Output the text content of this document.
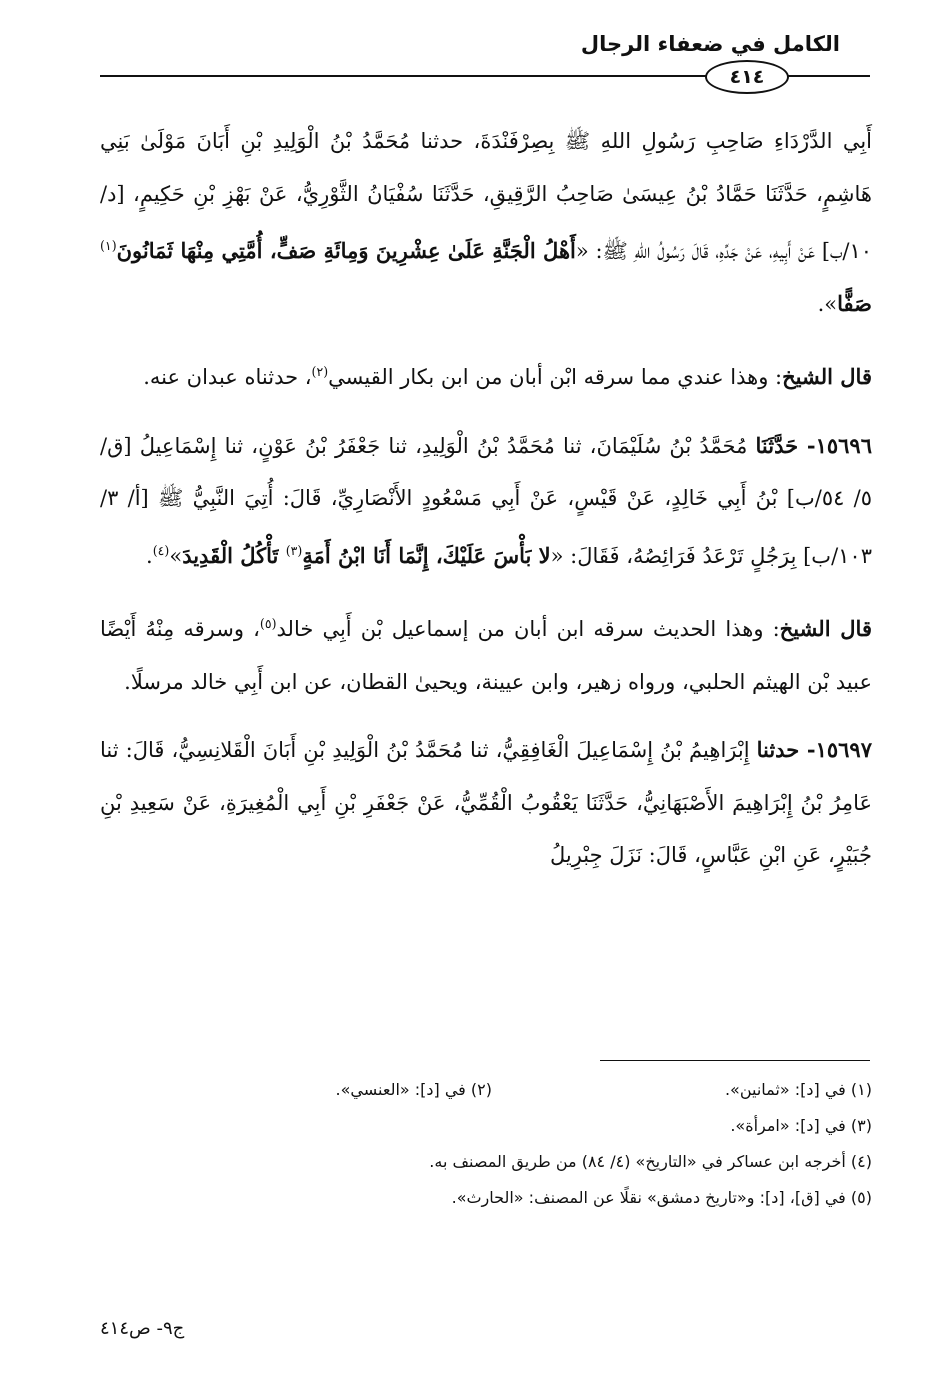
الكامل في ضعفاء الرجال
٤١٤

أَبِي الدَّرْدَاءِ صَاحِبِ رَسُولِ اللهِ ﷺ بِصِرْفَنْدَةَ، حدثنا مُحَمَّدُ بْنُ الْوَلِيدِ بْنِ أَبَانَ مَوْلَىٰ بَنِي هَاشِمٍ، حَدَّثَنَا حَمَّادُ بْنُ عِيسَىٰ صَاحِبُ الرَّقِيقِ، حَدَّثَنَا سُفْيَانُ الثَّوْرِيُّ، عَنْ بَهْزِ بْنِ حَكِيمٍ، [د/ ١٠/ب] عَنْ أَبِيهِ، عَنْ جَدِّهِ، قَالَ رَسُولُ اللهِ ﷺ: «أَهْلُ الْجَنَّةِ عَلَىٰ عِشْرِينَ وَمِائَةِ صَفٍّ، أُمَّتِي مِنْهَا ثَمَانُونَ$^{(١)}$ صَفًّا».

قال الشيخ: وهذا عندي مما سرقه ابْن أبان من ابن بكار القيسي$^{(٢)}$، حدثناه عبدان عنه.

١٥٦٩٦- حَدَّثَنَا مُحَمَّدُ بْنُ سُلَيْمَانَ، ثنا مُحَمَّدُ بْنُ الْوَلِيدِ، ثنا جَعْفَرُ بْنُ عَوْنٍ، ثنا إِسْمَاعِيلُ [ق/ ٥/ ٥٤/ب] بْنُ أَبِي خَالِدٍ، عَنْ قَيْسٍ، عَنْ أَبِي مَسْعُودٍ الأَنْصَارِيِّ، قَالَ: أُتِيَ النَّبِيُّ ﷺ [أ/ ٣/ ١٠٣/ب] بِرَجُلٍ تَرْعَدُ فَرَائِصُهُ، فَقَالَ: «لا بَأْسَ عَلَيْكَ، إِنَّمَا أَنَا ابْنُ أَمَةٍ$^{(٣)}$ تَأْكُلُ الْقَدِيدَ»$^{(٤)}$.

قال الشيخ: وهذا الحديث سرقه ابن أبان من إسماعيل بْن أَبِي خالد$^{(٥)}$، وسرقه مِنْهُ أَيْضًا عبيد بْن الهيثم الحلبي، ورواه زهير، وابن عيينة، ويحيىٰ القطان، عن ابن أَبِي خالد مرسلًا.

١٥٦٩٧- حدثنا إِبْرَاهِيمُ بْنُ إِسْمَاعِيلَ الْغَافِقِيُّ، ثنا مُحَمَّدُ بْنُ الْوَلِيدِ بْنِ أَبَانَ الْقَلانِسِيُّ، قَالَ: ثنا عَامِرُ بْنُ إِبْرَاهِيمَ الأَصْبَهَانِيُّ، حَدَّثَنَا يَعْقُوبُ الْقُمِّيُّ، عَنْ جَعْفَرِ بْنِ أَبِي الْمُغِيرَةِ، عَنْ سَعِيدِ بْنِ جُبَيْرٍ، عَنِ ابْنِ عَبَّاسٍ، قَالَ: نَزَلَ جِبْرِيلُ

(١) في [د]: «ثمانين».
(٢) في [د]: «العنسي».
(٣) في [د]: «امرأة».
(٤) أخرجه ابن عساكر في «التاريخ» (٤/ ٨٤) من طريق المصنف به.
(٥) في [ق]، [د]: و«تاريخ دمشق» نقلًا عن المصنف: «الحارث».
ج٩- ص٤١٤
